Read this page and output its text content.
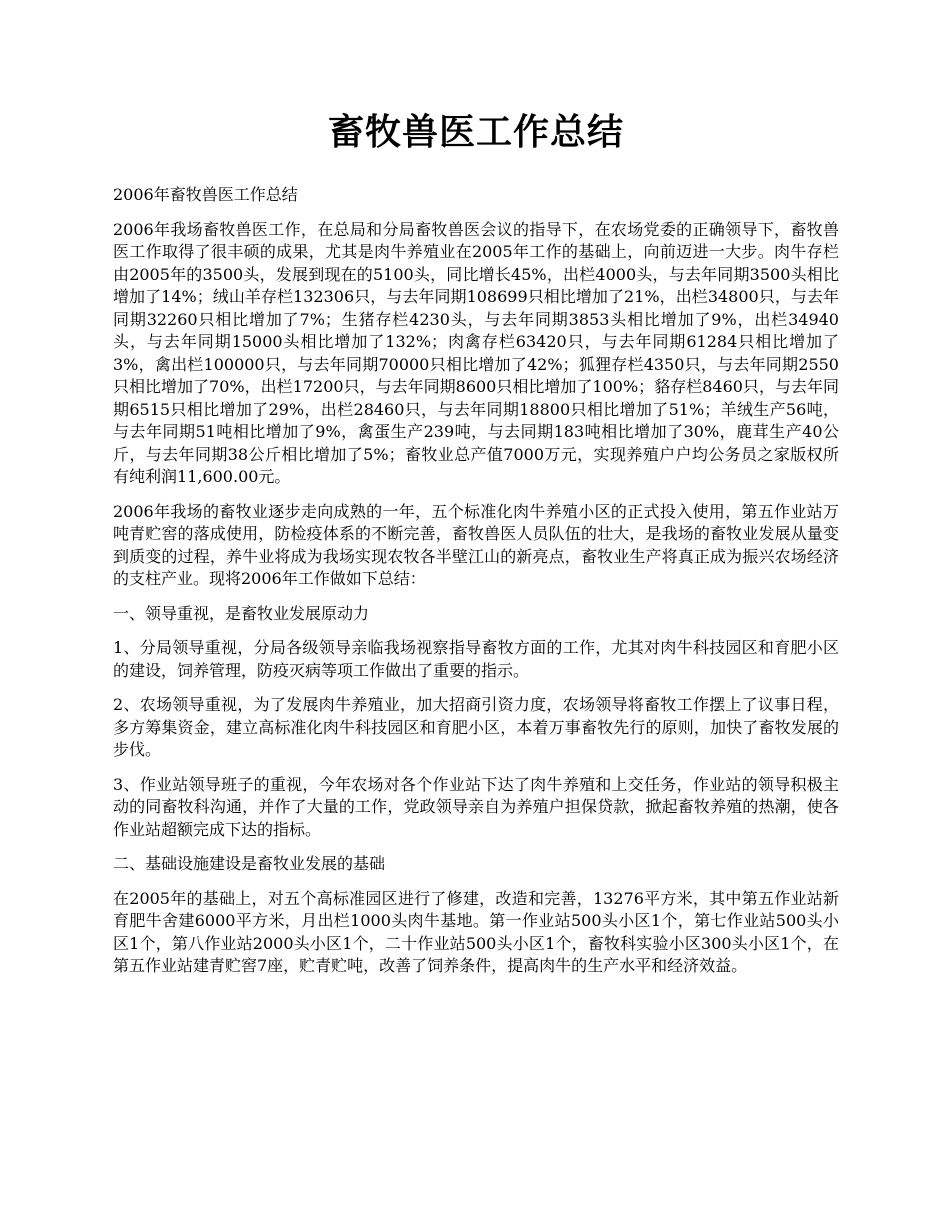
畜牧兽医工作总结

2006年畜牧兽医工作总结

2006年我场畜牧兽医工作，在总局和分局畜牧兽医会议的指导下，在农场党委的正确领导下，畜牧兽医工作取得了很丰硕的成果，尤其是肉牛养殖业在2005年工作的基础上，向前迈进一大步。肉牛存栏由2005年的3500头，发展到现在的5100头，同比增长45%，出栏4000头，与去年同期3500头相比增加了14%；绒山羊存栏132306只，与去年同期108699只相比增加了21%，出栏34800只，与去年同期32260只相比增加了7%；生猪存栏4230头，与去年同期3853头相比增加了9%，出栏34940头，与去年同期15000头相比增加了132%；肉禽存栏63420只，与去年同期61284只相比增加了3%，禽出栏100000只，与去年同期70000只相比增加了42%；狐狸存栏4350只，与去年同期2550只相比增加了70%，出栏17200只，与去年同期8600只相比增加了100%；貉存栏8460只，与去年同期6515只相比增加了29%，出栏28460只，与去年同期18800只相比增加了51%；羊绒生产56吨，与去年同期51吨相比增加了9%，禽蛋生产239吨，与去同期183吨相比增加了30%，鹿茸生产40公斤，与去年同期38公斤相比增加了5%；畜牧业总产值7000万元，实现养殖户户均公务员之家版权所有纯利润11,600.00元。

2006年我场的畜牧业逐步走向成熟的一年，五个标准化肉牛养殖小区的正式投入使用，第五作业站万吨青贮窖的落成使用，防检疫体系的不断完善，畜牧兽医人员队伍的壮大，是我场的畜牧业发展从量变到质变的过程，养牛业将成为我场实现农牧各半壁江山的新亮点，畜牧业生产将真正成为振兴农场经济的支柱产业。现将2006年工作做如下总结：

一、领导重视，是畜牧业发展原动力

1、分局领导重视，分局各级领导亲临我场视察指导畜牧方面的工作，尤其对肉牛科技园区和育肥小区的建设，饲养管理，防疫灭病等项工作做出了重要的指示。

2、农场领导重视，为了发展肉牛养殖业，加大招商引资力度，农场领导将畜牧工作摆上了议事日程，多方筹集资金，建立高标准化肉牛科技园区和育肥小区，本着万事畜牧先行的原则，加快了畜牧发展的步伐。

3、作业站领导班子的重视，今年农场对各个作业站下达了肉牛养殖和上交任务，作业站的领导积极主动的同畜牧科沟通，并作了大量的工作，党政领导亲自为养殖户担保贷款，掀起畜牧养殖的热潮，使各作业站超额完成下达的指标。

二、基础设施建设是畜牧业发展的基础

在2005年的基础上，对五个高标准园区进行了修建，改造和完善，13276平方米，其中第五作业站新育肥牛舍建6000平方米，月出栏1000头肉牛基地。第一作业站500头小区1个，第七作业站500头小区1个，第八作业站2000头小区1个，二十作业站500头小区1个，畜牧科实验小区300头小区1个，在第五作业站建青贮窖7座，贮青贮吨，改善了饲养条件，提高肉牛的生产水平和经济效益。
